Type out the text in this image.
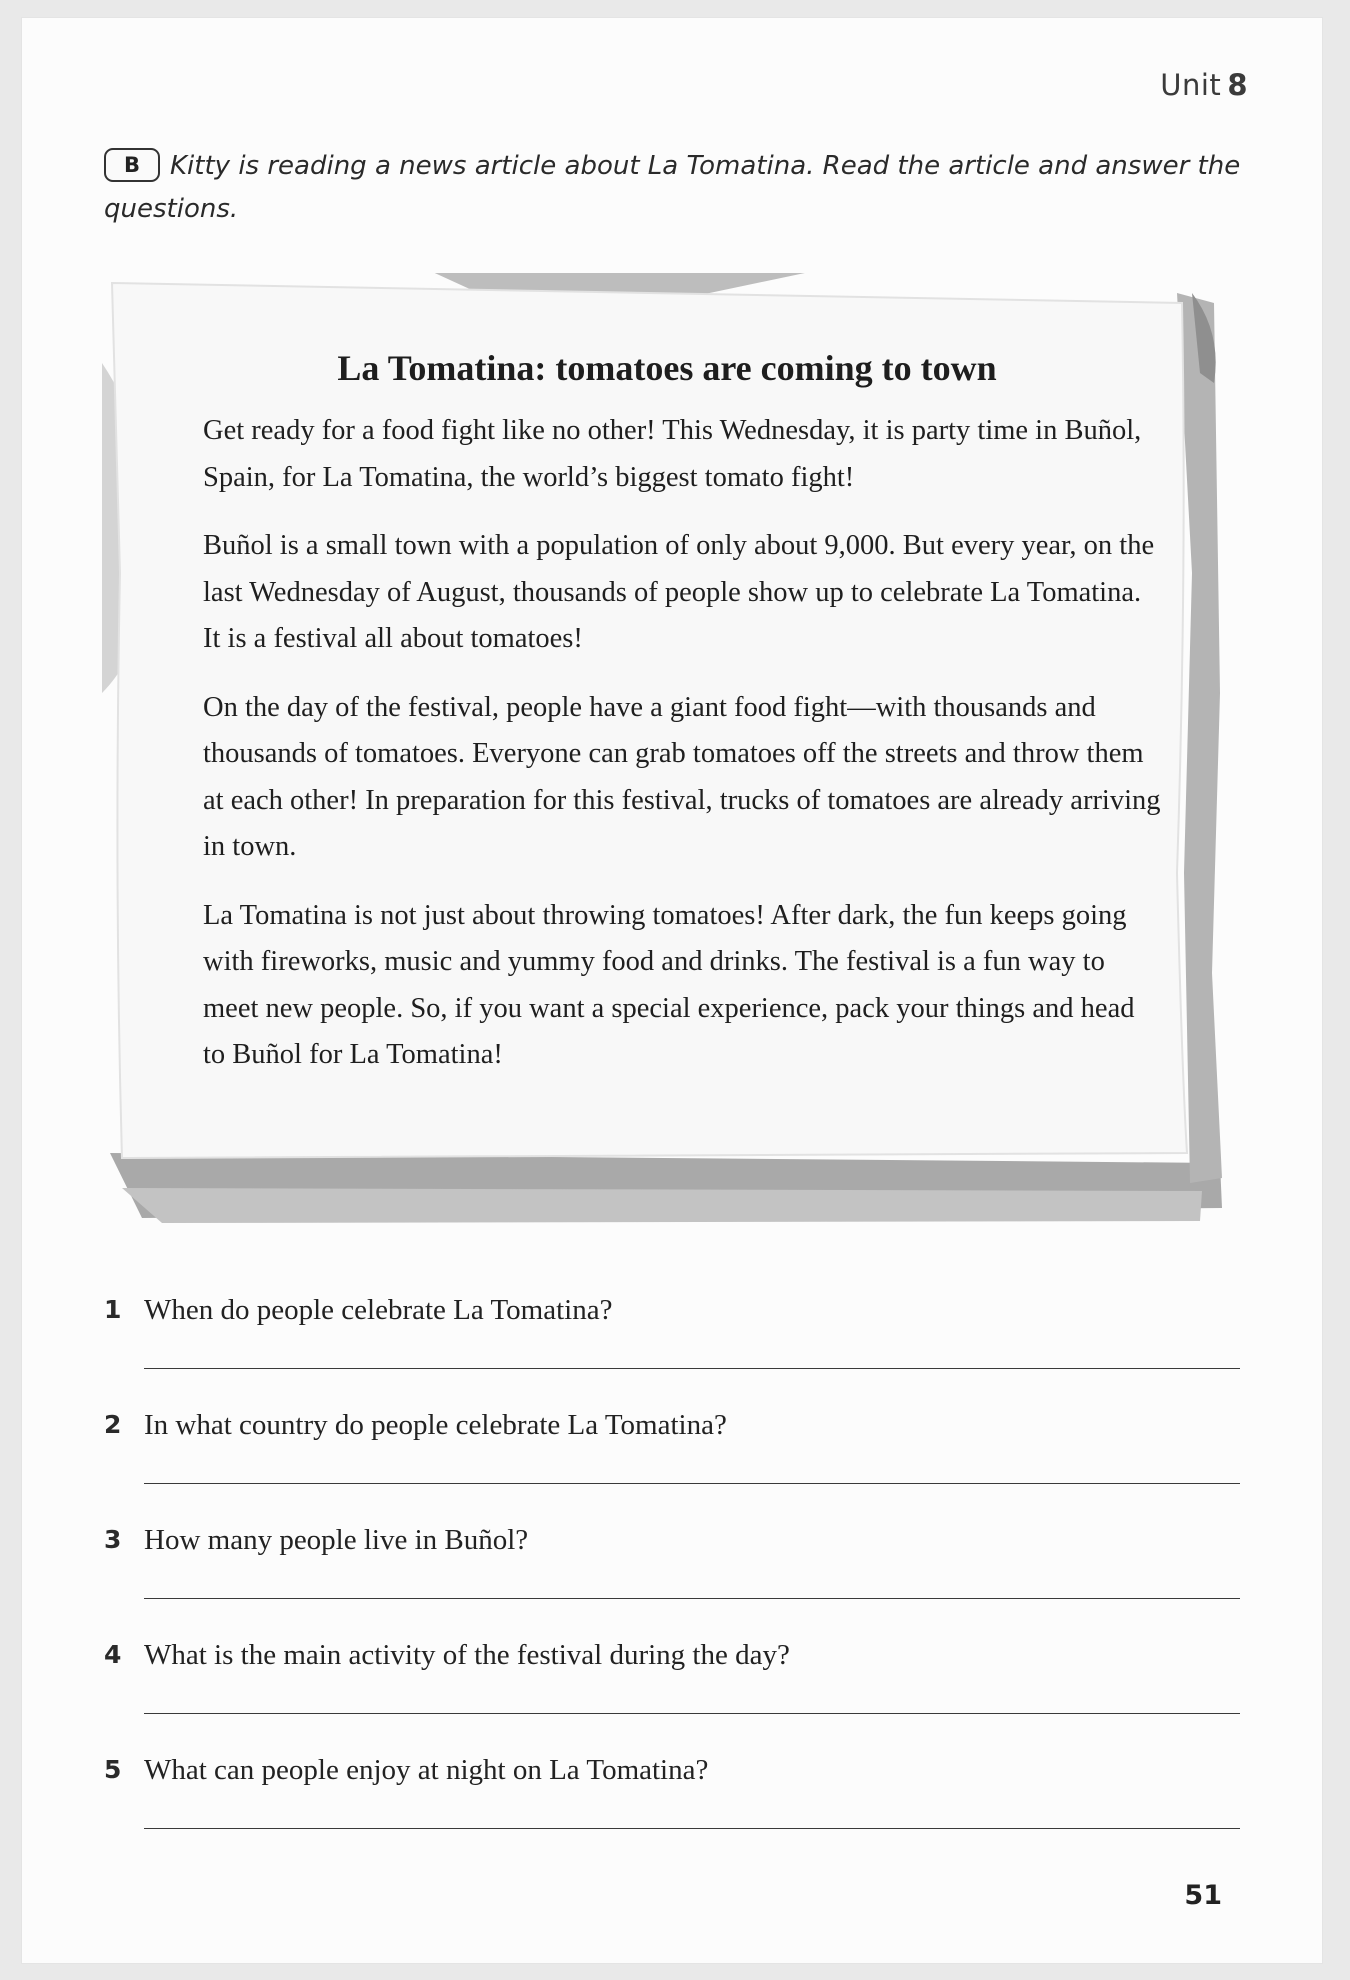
Unit 8
B Kitty is reading a news article about La Tomatina. Read the article and answer the questions.
La Tomatina: tomatoes are coming to town

Get ready for a food fight like no other! This Wednesday, it is party time in Buñol, Spain, for La Tomatina, the world’s biggest tomato fight!

Buñol is a small town with a population of only about 9,000. But every year, on the last Wednesday of August, thousands of people show up to celebrate La Tomatina. It is a festival all about tomatoes!

On the day of the festival, people have a giant food fight—with thousands and thousands of tomatoes. Everyone can grab tomatoes off the streets and throw them at each other! In preparation for this festival, trucks of tomatoes are already arriving in town.

La Tomatina is not just about throwing tomatoes! After dark, the fun keeps going with fireworks, music and yummy food and drinks. The festival is a fun way to meet new people. So, if you want a special experience, pack your things and head to Buñol for La Tomatina!

1 When do people celebrate La Tomatina?
2 In what country do people celebrate La Tomatina?
3 How many people live in Buñol?
4 What is the main activity of the festival during the day?
5 What can people enjoy at night on La Tomatina?
51
